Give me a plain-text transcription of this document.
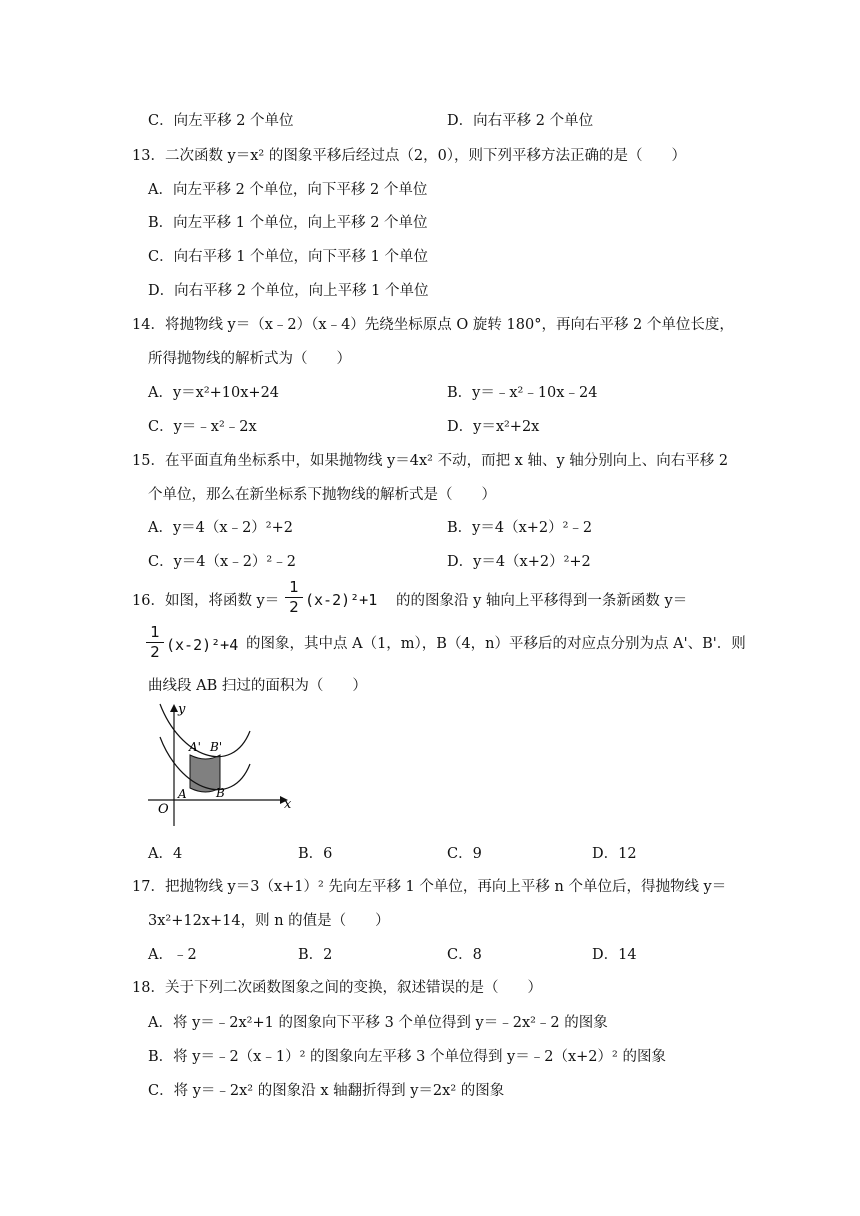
C．向左平移 2 个单位	D．向右平移 2 个单位
13．二次函数 y＝x² 的图象平移后经过点（2，0），则下列平移方法正确的是（　　）
A．向左平移 2 个单位，向下平移 2 个单位
B．向左平移 1 个单位，向上平移 2 个单位
C．向右平移 1 个单位，向下平移 1 个单位
D．向右平移 2 个单位，向上平移 1 个单位
14．将抛物线 y＝（x﹣2）（x﹣4）先绕坐标原点 O 旋转 180°，再向右平移 2 个单位长度，
所得抛物线的解析式为（　　）
A．y＝x²+10x+24	B．y＝﹣x²﹣10x﹣24
C．y＝﹣x²﹣2x	D．y＝x²+2x
15．在平面直角坐标系中，如果抛物线 y＝4x² 不动，而把 x 轴、y 轴分别向上、向右平移 2
个单位，那么在新坐标系下抛物线的解析式是（　　）
A．y＝4（x﹣2）²+2	B．y＝4（x+2）²﹣2
C．y＝4（x﹣2）²﹣2	D．y＝4（x+2）²+2
16．如图，将函数 y＝
1
2 (x-2)²+1 的的图象沿 y 轴向上平移得到一条新函数 y＝
1
2 (x-2)²+4 的图象，其中点 A（1，m），B（4，n）平移后的对应点分别为点 A'、B'．则
曲线段 AB 扫过的面积为（　　）
y
x
O
A B
A' B'
A．4	B．6	C．9	D．12
17．把抛物线 y＝3（x+1）² 先向左平移 1 个单位，再向上平移 n 个单位后，得抛物线 y＝
3x²+12x+14，则 n 的值是（　　）
A．﹣2	B．2	C．8	D．14
18．关于下列二次函数图象之间的变换，叙述错误的是（　　）
A．将 y＝﹣2x²+1 的图象向下平移 3 个单位得到 y＝﹣2x²﹣2 的图象
B．将 y＝﹣2（x﹣1）² 的图象向左平移 3 个单位得到 y＝﹣2（x+2）² 的图象
C．将 y＝﹣2x² 的图象沿 x 轴翻折得到 y＝2x² 的图象
